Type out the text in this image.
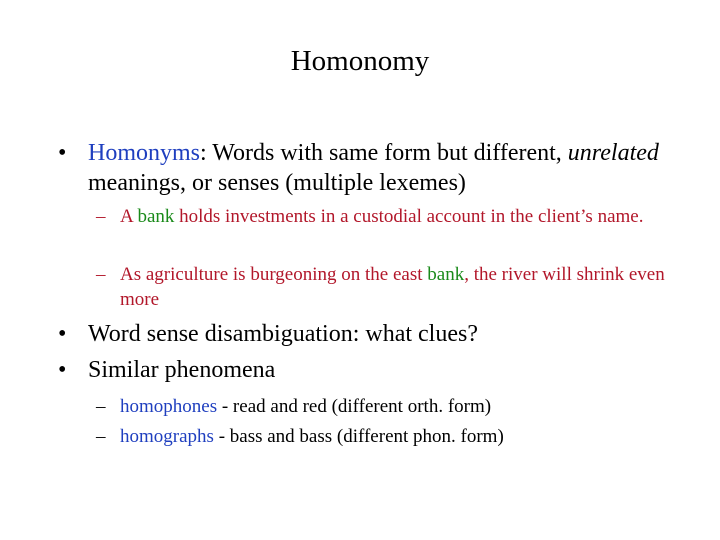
Homonomy
• Homonyms: Words with same form but different, unrelated meanings, or senses (multiple lexemes)
– A bank holds investments in a custodial account in the client’s name.
– As agriculture is burgeoning on the east bank, the river will shrink even more
• Word sense disambiguation: what clues?
• Similar phenomena
– homophones - read and red (different orth. form)
– homographs - bass and bass (different phon. form)
